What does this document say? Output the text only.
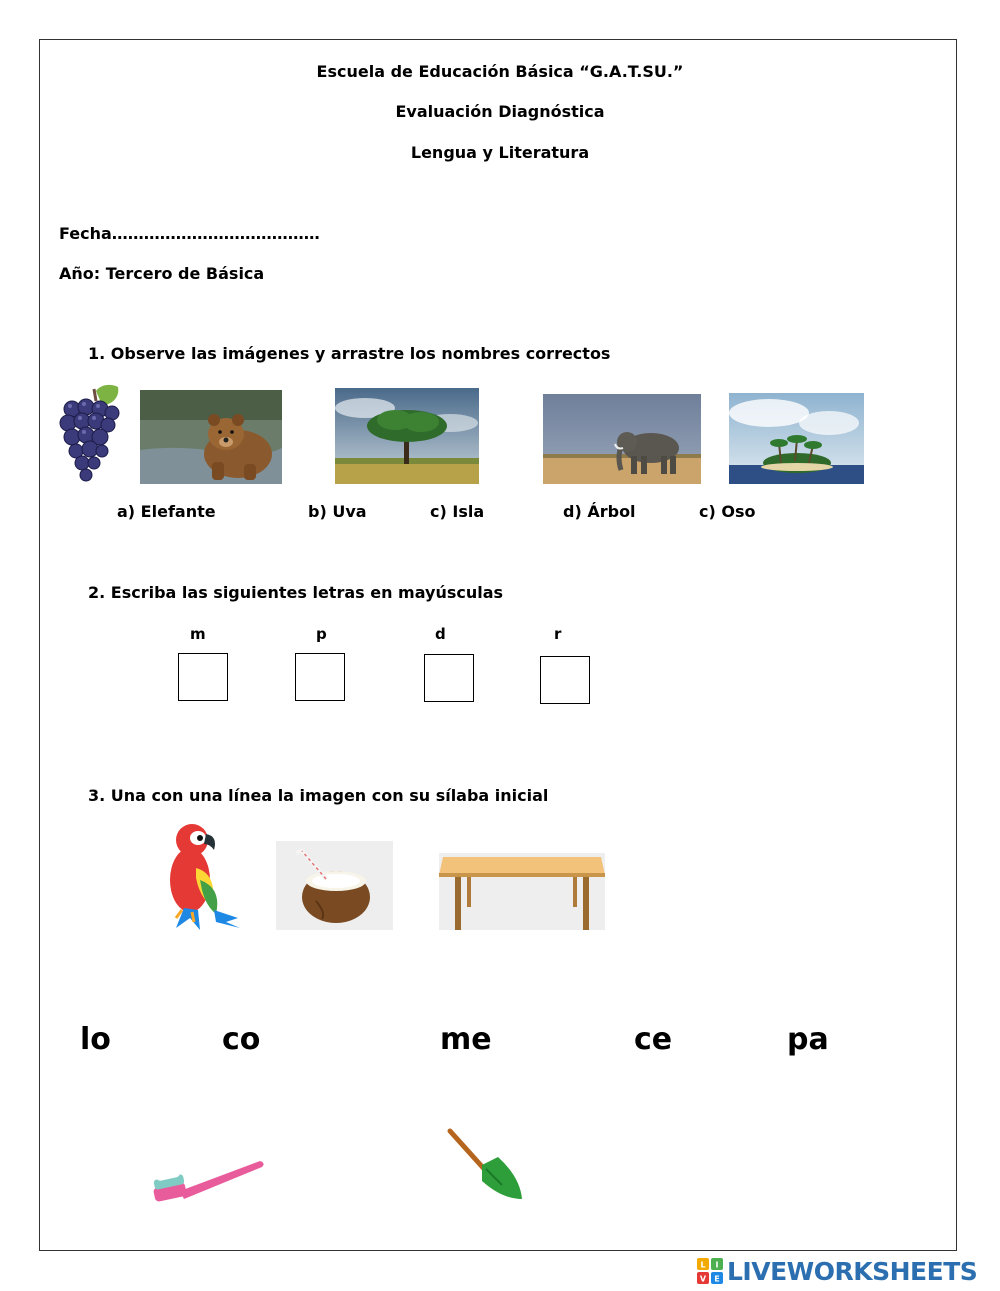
Escuela de Educación Básica “G.A.T.SU.”
Evaluación Diagnóstica
Lengua y Literatura
Fecha…………………………………
Año: Tercero de Básica
1. Observe las imágenes y arrastre los nombres correctos
a) Elefante	b) Uva	c) Isla	d) Árbol	c) Oso
2. Escriba las siguientes letras en mayúsculas
m	p	d	r
3. Una con una línea la imagen con su sílaba inicial
lo	co	me	ce	pa
L I
V E LIVEWORKSHEETS
